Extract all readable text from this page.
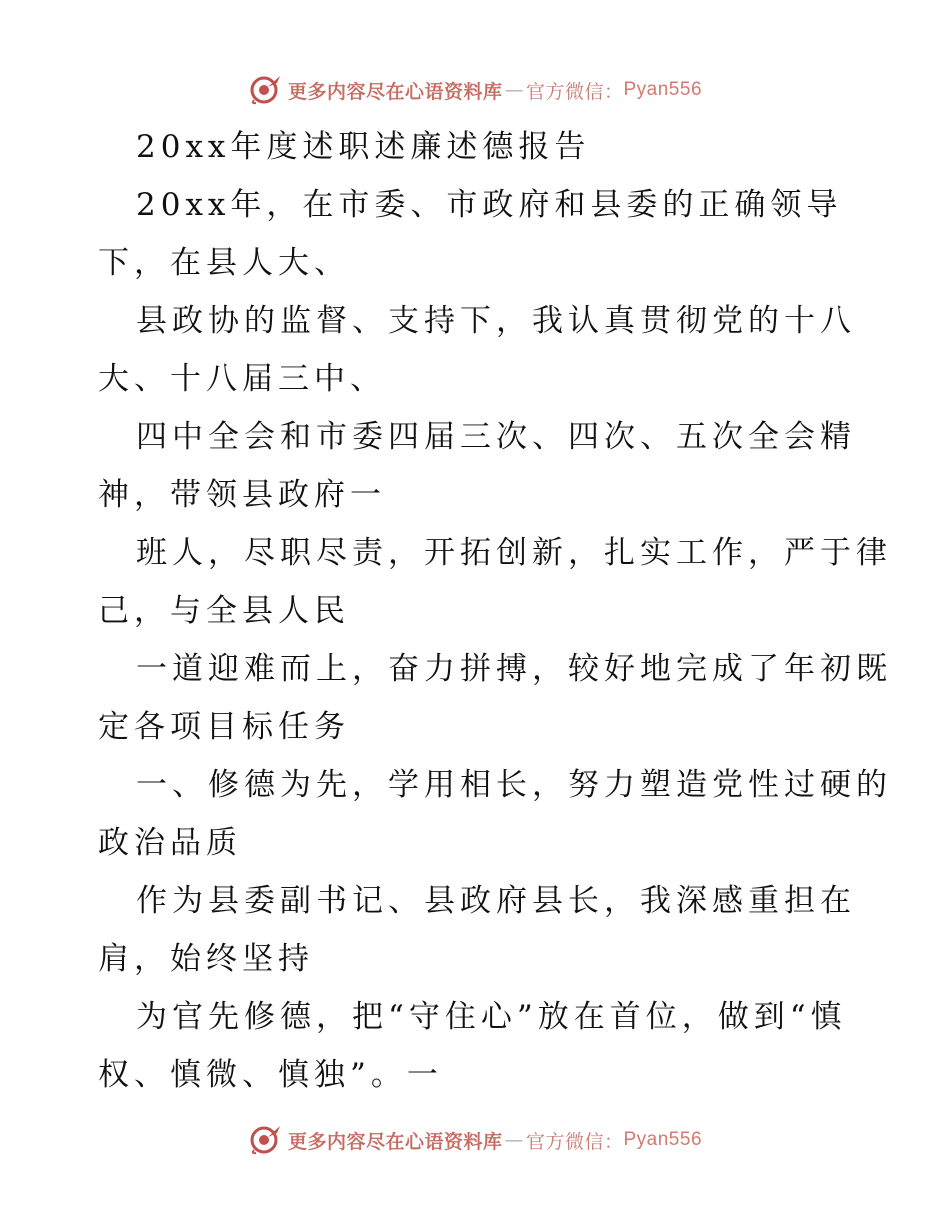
更多内容尽在心语资料库 — 官方微信： Pyan556
20xx年度述职述廉述德报告
20xx年，在市委、市政府和县委的正确领导
下，在县人大、
县政协的监督、支持下，我认真贯彻党的十八
大、十八届三中、
四中全会和市委四届三次、四次、五次全会精
神，带领县政府一
班人，尽职尽责，开拓创新，扎实工作，严于律
己，与全县人民
一道迎难而上，奋力拼搏，较好地完成了年初既
定各项目标任务
一、修德为先，学用相长，努力塑造党性过硬的
政治品质
作为县委副书记、县政府县长，我深感重担在
肩，始终坚持
为官先修德，把“守住心”放在首位，做到“慎
权、慎微、慎独”。一
更多内容尽在心语资料库 — 官方微信： Pyan556
